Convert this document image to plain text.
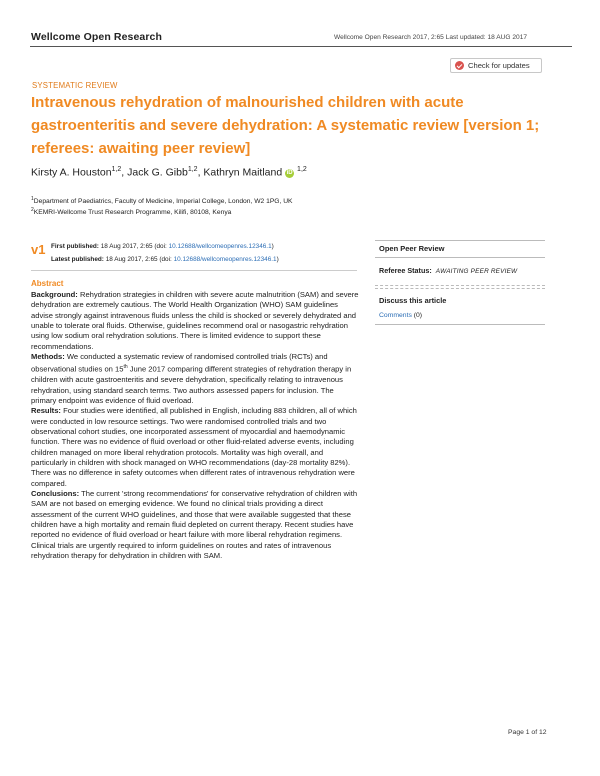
Wellcome Open Research	Wellcome Open Research 2017, 2:65 Last updated: 18 AUG 2017
Check for updates
SYSTEMATIC REVIEW
Intravenous rehydration of malnourished children with acute gastroenteritis and severe dehydration: A systematic review [version 1; referees: awaiting peer review]
Kirsty A. Houston$^{1,2}$, Jack G. Gibb$^{1,2}$, Kathryn Maitland iD $^{1,2}$
$^1$Department of Paediatrics, Faculty of Medicine, Imperial College, London, W2 1PG, UK
$^2$KEMRI-Wellcome Trust Research Programme, Kilifi, 80108, Kenya
v1 First published: 18 Aug 2017, 2:65 (doi: 10.12688/wellcomeopenres.12346.1)
Latest published: 18 Aug 2017, 2:65 (doi: 10.12688/wellcomeopenres.12346.1)
Abstract

Background: Rehydration strategies in children with severe acute malnutrition (SAM) and severe dehydration are extremely cautious. The World Health Organization (WHO) SAM guidelines advise strongly against intravenous fluids unless the child is shocked or severely dehydrated and unable to tolerate oral fluids. Otherwise, guidelines recommend oral or nasogastric rehydration using low sodium oral rehydration solutions. There is limited evidence to support these recommendations.

Methods: We conducted a systematic review of randomised controlled trials (RCTs) and observational studies on 15th June 2017 comparing different strategies of rehydration therapy in children with acute gastroenteritis and severe dehydration, specifically relating to intravenous rehydration, using standard search terms. Two authors assessed papers for inclusion. The primary endpoint was evidence of fluid overload.

Results: Four studies were identified, all published in English, including 883 children, all of which were conducted in low resource settings. Two were randomised controlled trials and two observational cohort studies, one incorporated assessment of myocardial and haemodynamic function. There was no evidence of fluid overload or other fluid-related adverse events, including children managed on more liberal rehydration protocols. Mortality was high overall, and particularly in children with shock managed on WHO recommendations (day-28 mortality 82%). There was no difference in safety outcomes when different rates of intravenous rehydration were compared.

Conclusions: The current 'strong recommendations' for conservative rehydration of children with SAM are not based on emerging evidence. We found no clinical trials providing a direct assessment of the current WHO guidelines, and those that were available suggested that these children have a high mortality and remain fluid depleted on current therapy. Recent studies have reported no evidence of fluid overload or heart failure with more liberal rehydration regimens. Clinical trials are urgently required to inform guidelines on routes and rates of intravenous rehydration therapy for dehydration in children with SAM.

Open Peer Review
Referee Status: AWAITING PEER REVIEW
Discuss this article
Comments (0)
Page 1 of 12
